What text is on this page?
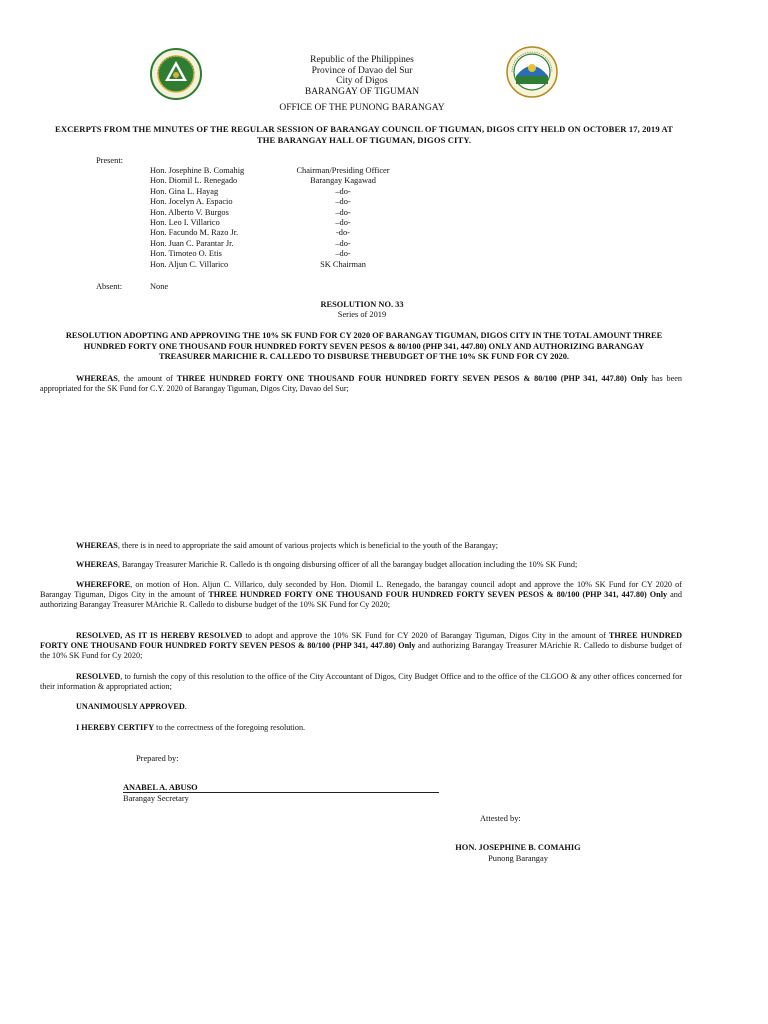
Republic of the Philippines
Province of Davao del Sur
City of Digos
BARANGAY OF TIGUMAN
OFFICE OF THE PUNONG BARANGAY
EXCERPTS FROM THE MINUTES OF THE REGULAR SESSION OF BARANGAY COUNCIL OF TIGUMAN, DIGOS CITY HELD ON OCTOBER 17, 2019 AT
THE BARANGAY HALL OF TIGUMAN, DIGOS CITY.
Present:
Hon. Josephine B. Comahig	Chairman/Presiding Officer
Hon. Diomil L. Renegado	Barangay Kagawad
Hon. Gina L. Hayag	–do-
Hon. Jocelyn A. Espacio	–do-
Hon. Alberto V. Burgos	–do-
Hon. Leo I. Villarico	–do-
Hon. Facundo M. Razo Jr.	-do-
Hon. Juan C. Parantar Jr.	–do-
Hon. Timoteo O. Etis	–do-
Hon. Aljun C. Villarico	SK Chairman
Absent:	None
RESOLUTION NO. 33
Series of 2019
RESOLUTION ADOPTING AND APPROVING THE 10% SK FUND FOR CY 2020 OF BARANGAY TIGUMAN, DIGOS CITY IN THE TOTAL AMOUNT THREE
HUNDRED FORTY ONE THOUSAND FOUR HUNDRED FORTY SEVEN PESOS & 80/100 (PHP 341, 447.80) ONLY AND AUTHORIZING BARANGAY
TREASURER MARICHIE R. CALLEDO TO DISBURSE THEBUDGET OF THE 10% SK FUND FOR CY 2020.
WHEREAS, the amount of THREE HUNDRED FORTY ONE THOUSAND FOUR HUNDRED FORTY SEVEN PESOS & 80/100 (PHP 341, 447.80) Only has been appropriated for the SK Fund for C.Y. 2020 of Barangay Tiguman, Digos City, Davao del Sur;
WHEREAS, there is in need to appropriate the said amount of various projects which is beneficial to the youth of the Barangay;
WHEREAS, Barangay Treasurer Marichie R. Calledo is th ongoing disbursing officer of all the barangay budget allocation including the 10% SK Fund;
WHEREFORE, on motion of Hon. Aljun C. Villarico, duly seconded by Hon. Diomil L. Renegado, the barangay council adopt and approve the 10% SK Fund for CY 2020 of Barangay Tiguman, Digos City in the amount of THREE HUNDRED FORTY ONE THOUSAND FOUR HUNDRED FORTY SEVEN PESOS & 80/100 (PHP 341, 447.80) Only and authorizing Barangay Treasurer MArichie R. Calledo to disburse budget of the 10% SK Fund for Cy 2020;
RESOLVED, AS IT IS HEREBY RESOLVED to adopt and approve the 10% SK Fund for CY 2020 of Barangay Tiguman, Digos City in the amount of THREE HUNDRED FORTY ONE THOUSAND FOUR HUNDRED FORTY SEVEN PESOS & 80/100 (PHP 341, 447.80) Only and authorizing Barangay Treasurer MArichie R. Calledo to disburse budget of the 10% SK Fund for Cy 2020;
RESOLVED, to furnish the copy of this resolution to the office of the City Accountant of Digos, City Budget Office and to the office of the CLGOO & any other offices concerned for their information & appropriated action;
UNANIMOUSLY APPROVED.
I HEREBY CERTIFY to the correctness of the foregoing resolution.
Prepared by:
ANABEL A. ABUSO
Barangay Secretary
Attested by:
HON. JOSEPHINE B. COMAHIG
Punong Barangay
